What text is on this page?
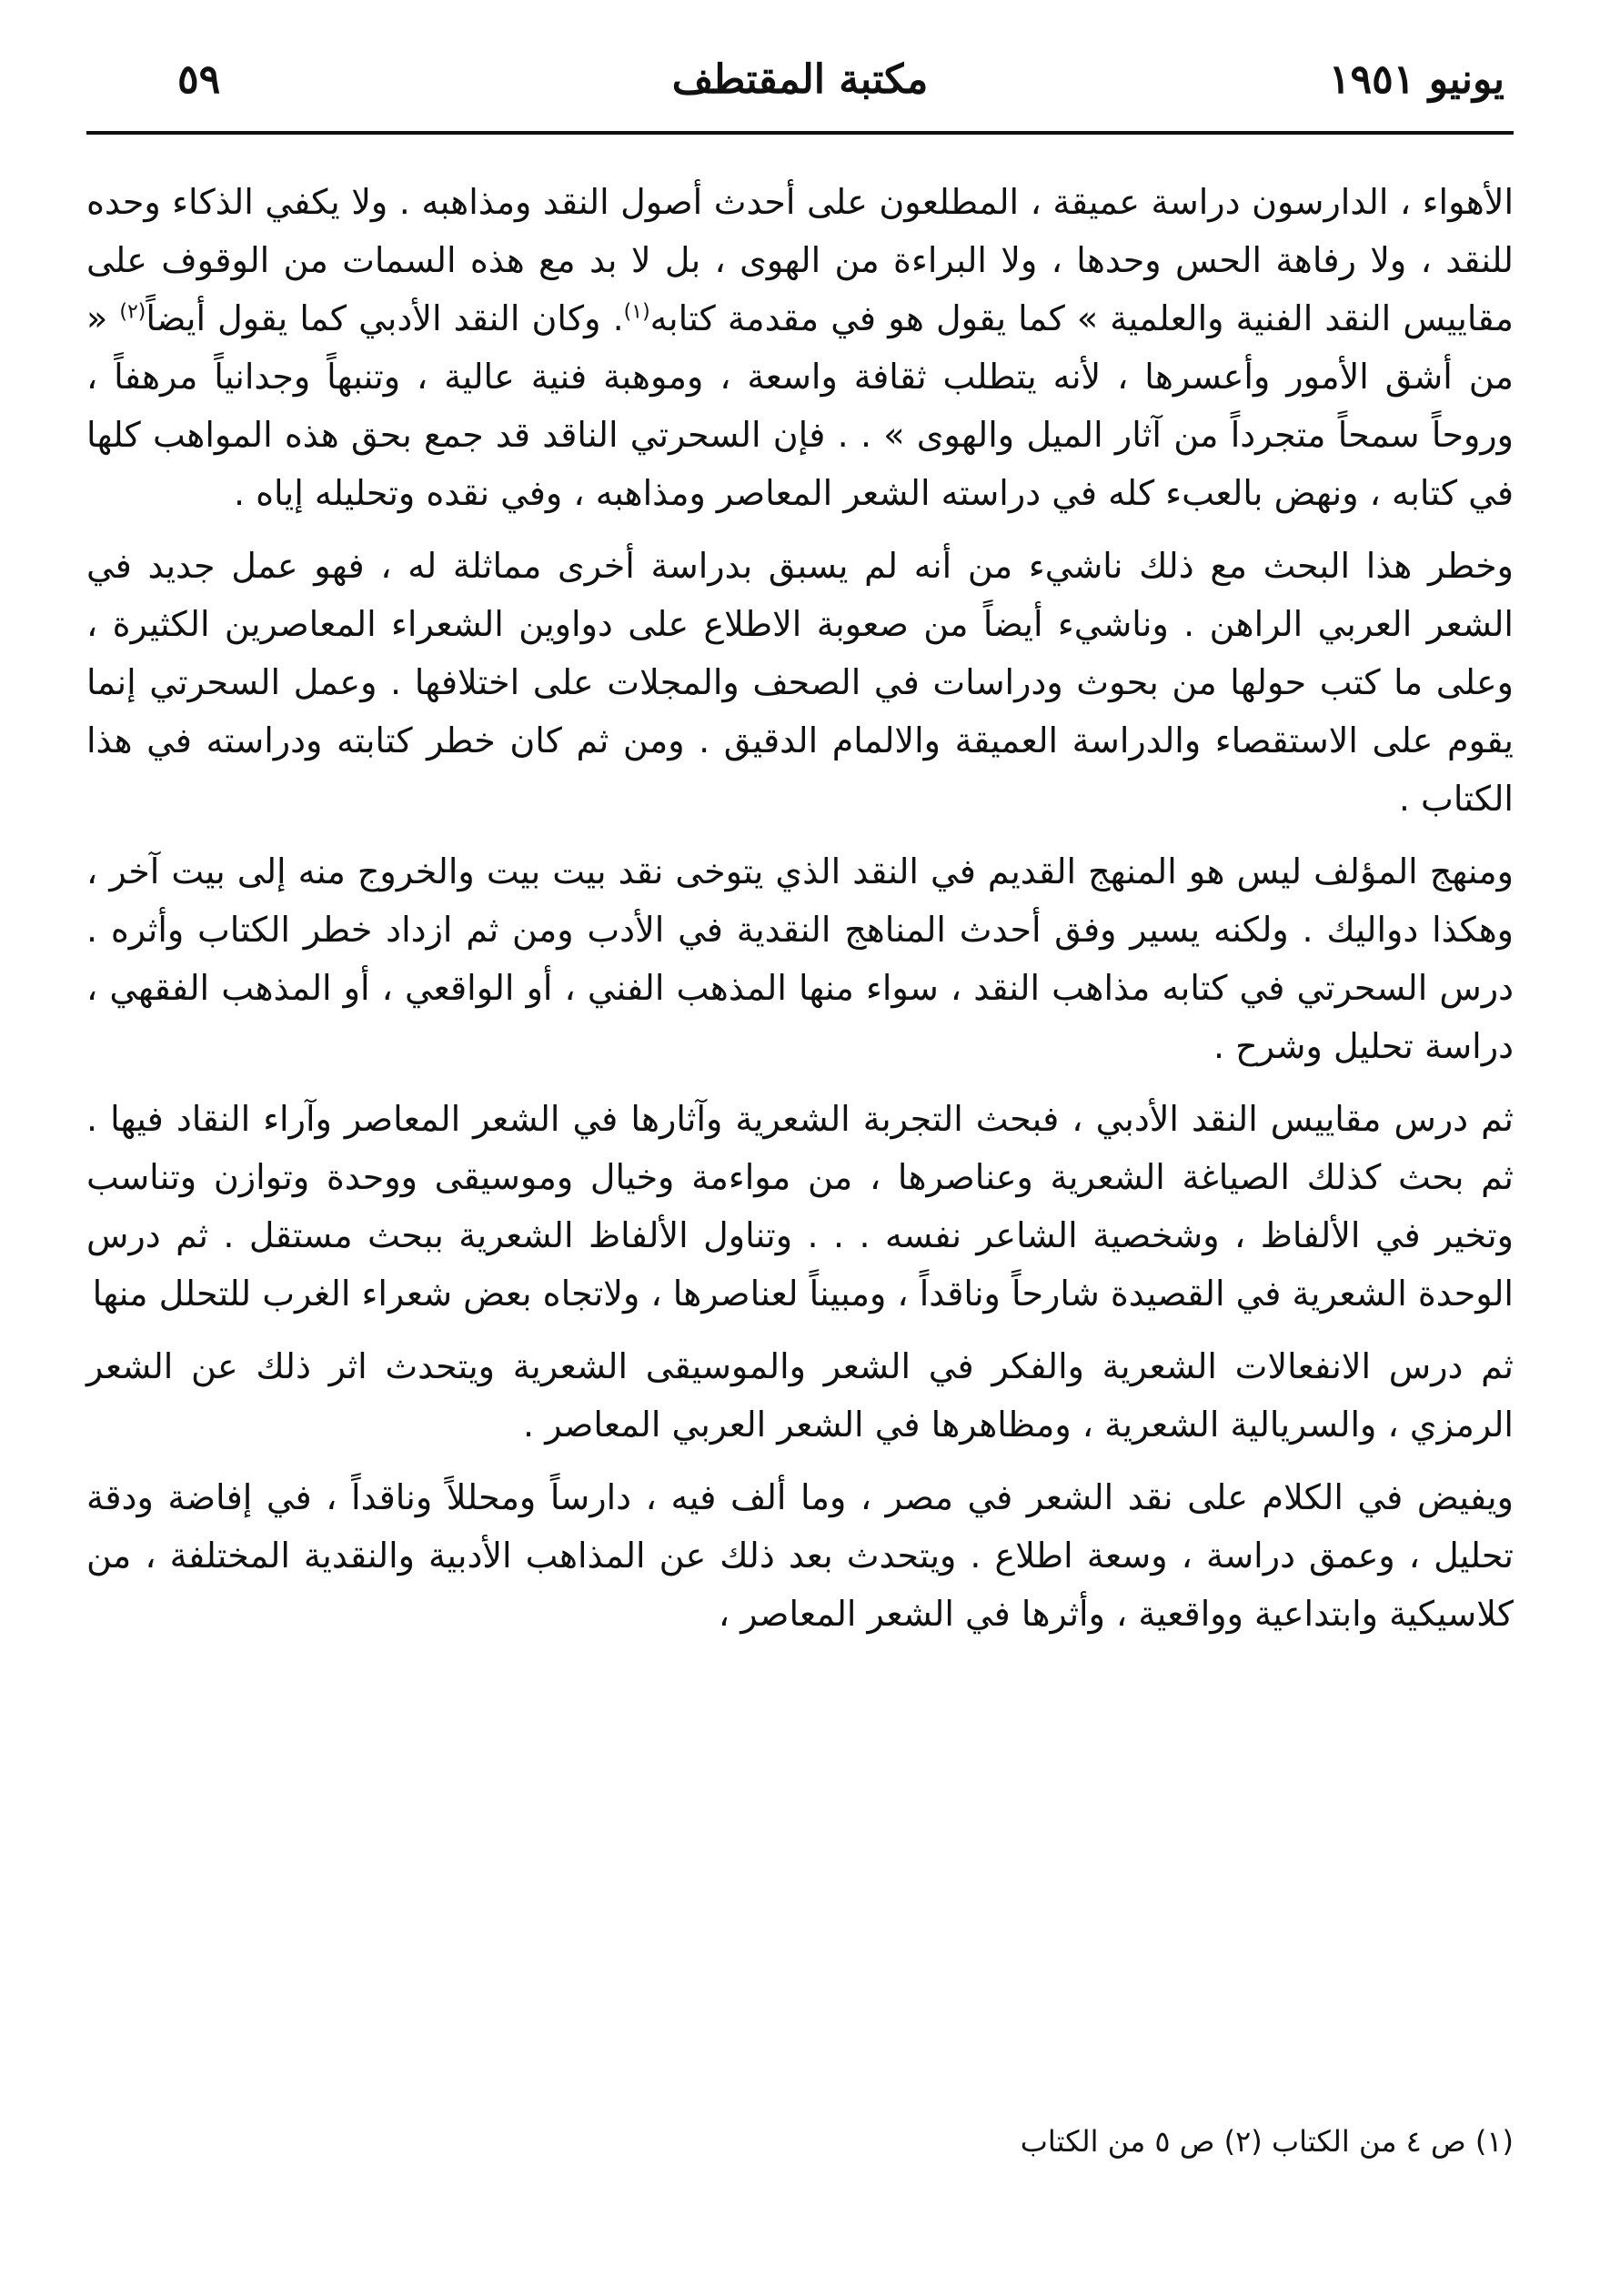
يونيو ١٩٥١
مكتبة المقتطف
٥٩

الأهواء ، الدارسون دراسة عميقة ، المطلعون على أحدث أصول النقد ومذاهبه . ولا يكفي الذكاء وحده للنقد ، ولا رفاهة الحس وحدها ، ولا البراءة من الهوى ، بل لا بد مع هذه السمات من الوقوف على مقاييس النقد الفنية والعلمية » كما يقول هو في مقدمة كتابه$^{(١)}$. وكان النقد الأدبي كما يقول أيضاً$^{(٢)}$ « من أشق الأمور وأعسرها ، لأنه يتطلب ثقافة واسعة ، وموهبة فنية عالية ، وتنبهاً وجدانياً مرهفاً ، وروحاً سمحاً متجرداً من آثار الميل والهوى » . . فإن السحرتي الناقد قد جمع بحق هذه المواهب كلها في كتابه ، ونهض بالعبء كله في دراسته الشعر المعاصر ومذاهبه ، وفي نقده وتحليله إياه .

وخطر هذا البحث مع ذلك ناشيء من أنه لم يسبق بدراسة أخرى مماثلة له ، فهو عمل جديد في الشعر العربي الراهن . وناشيء أيضاً من صعوبة الاطلاع على دواوين الشعراء المعاصرين الكثيرة ، وعلى ما كتب حولها من بحوث ودراسات في الصحف والمجلات على اختلافها . وعمل السحرتي إنما يقوم على الاستقصاء والدراسة العميقة والالمام الدقيق . ومن ثم كان خطر كتابته ودراسته في هذا الكتاب .

ومنهج المؤلف ليس هو المنهج القديم في النقد الذي يتوخى نقد بيت بيت والخروج منه إلى بيت آخر ، وهكذا دواليك . ولكنه يسير وفق أحدث المناهج النقدية في الأدب ومن ثم ازداد خطر الكتاب وأثره . درس السحرتي في كتابه مذاهب النقد ، سواء منها المذهب الفني ، أو الواقعي ، أو المذهب الفقهي ، دراسة تحليل وشرح .

ثم درس مقاييس النقد الأدبي ، فبحث التجربة الشعرية وآثارها في الشعر المعاصر وآراء النقاد فيها . ثم بحث كذلك الصياغة الشعرية وعناصرها ، من مواءمة وخيال وموسيقى ووحدة وتوازن وتناسب وتخير في الألفاظ ، وشخصية الشاعر نفسه . . . وتناول الألفاظ الشعرية ببحث مستقل . ثم درس الوحدة الشعرية في القصيدة شارحاً وناقداً ، ومبيناً لعناصرها ، ولاتجاه بعض شعراء الغرب للتحلل منها

ثم درس الانفعالات الشعرية والفكر في الشعر والموسيقى الشعرية ويتحدث اثر ذلك عن الشعر الرمزي ، والسريالية الشعرية ، ومظاهرها في الشعر العربي المعاصر .

ويفيض في الكلام على نقد الشعر في مصر ، وما ألف فيه ، دارساً ومحللاً وناقداً ، في إفاضة ودقة تحليل ، وعمق دراسة ، وسعة اطلاع . ويتحدث بعد ذلك عن المذاهب الأدبية والنقدية المختلفة ، من كلاسيكية وابتداعية وواقعية ، وأثرها في الشعر المعاصر ،

(١) ص ٤ من الكتاب (٢) ص ٥ من الكتاب
